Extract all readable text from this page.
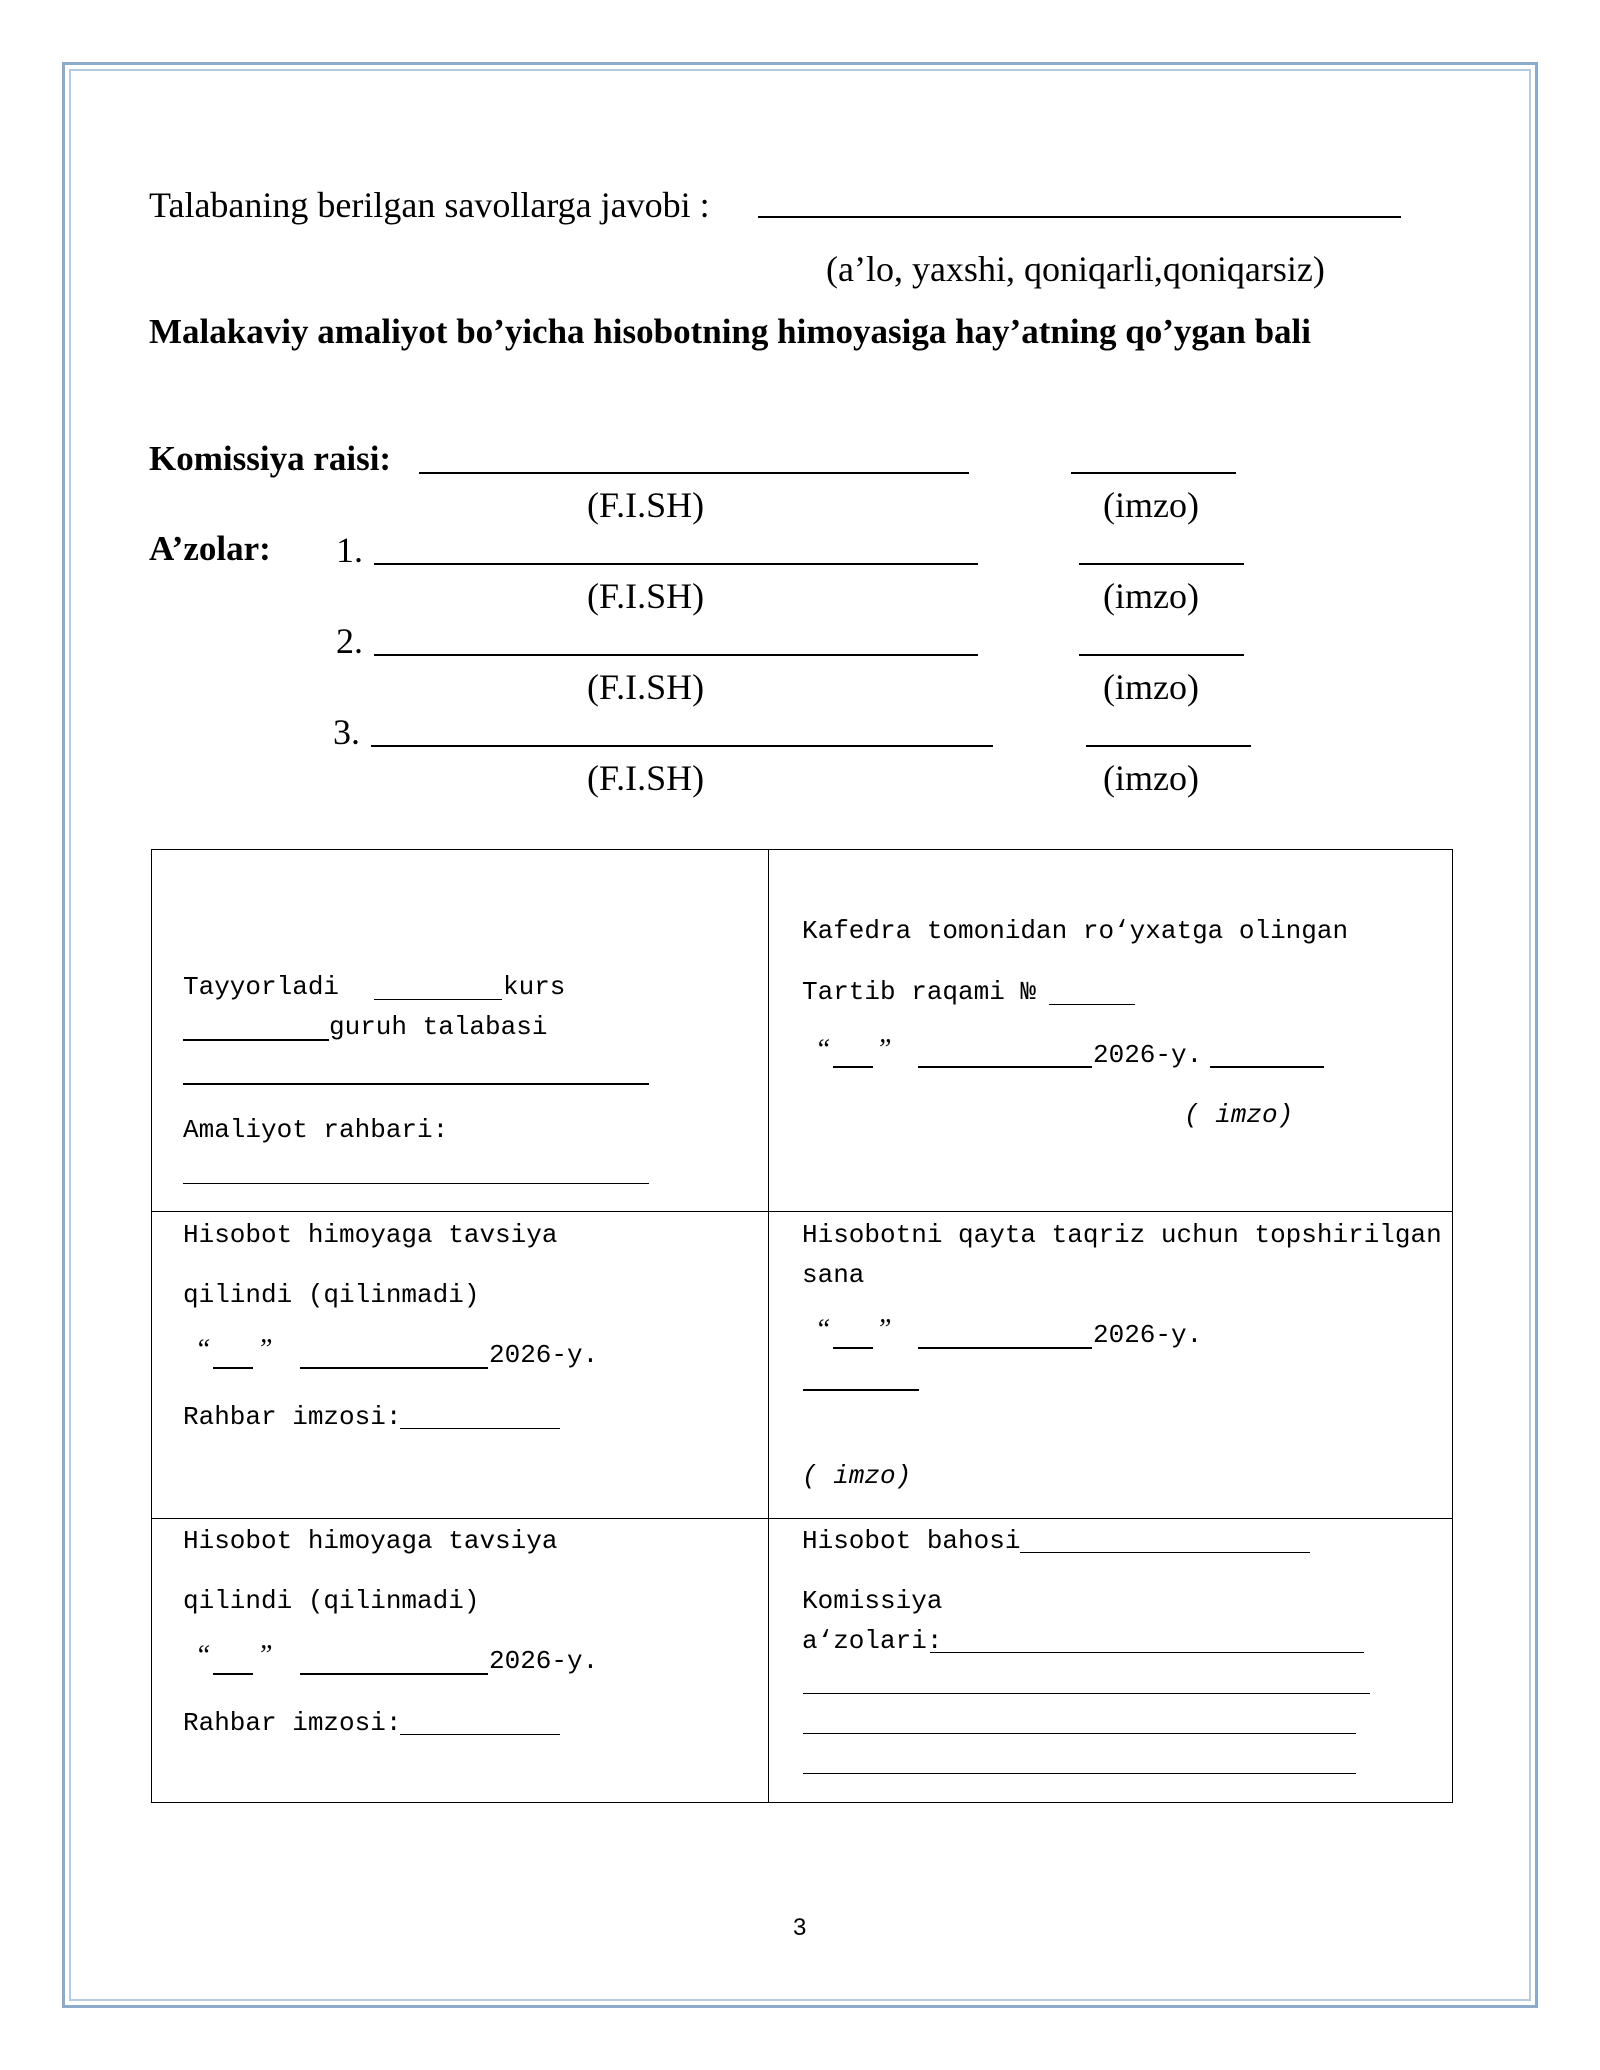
Talabaning berilgan savollarga javobi :
(a’lo, yaxshi, qoniqarli,qoniqarsiz)
Malakaviy amaliyot bo’yicha hisobotning himoyasiga hay’atning qo’ygan bali
Komissiya raisi:
(F.I.SH)	(imzo)
A’zolar: 1.
(F.I.SH)	(imzo)
2.
(F.I.SH)	(imzo)
3.
(F.I.SH)	(imzo)
Tayyorladi	kurs
guruh talabasi
Amaliyot rahbari:
Kafedra tomonidan ro‘yxatga olingan
Tartib raqami №
“ ”	2026-y.
( imzo)
Hisobot himoyaga tavsiya
qilindi (qilinmadi)
“ ”	2026-y.
Rahbar imzosi:
Hisobotni qayta taqriz uchun topshirilgan
sana
“ ”	2026-y.
( imzo)
Hisobot himoyaga tavsiya
qilindi (qilinmadi)
“ ”	2026-y.
Rahbar imzosi:
Hisobot bahosi
Komissiya
a‘zolari:
3
